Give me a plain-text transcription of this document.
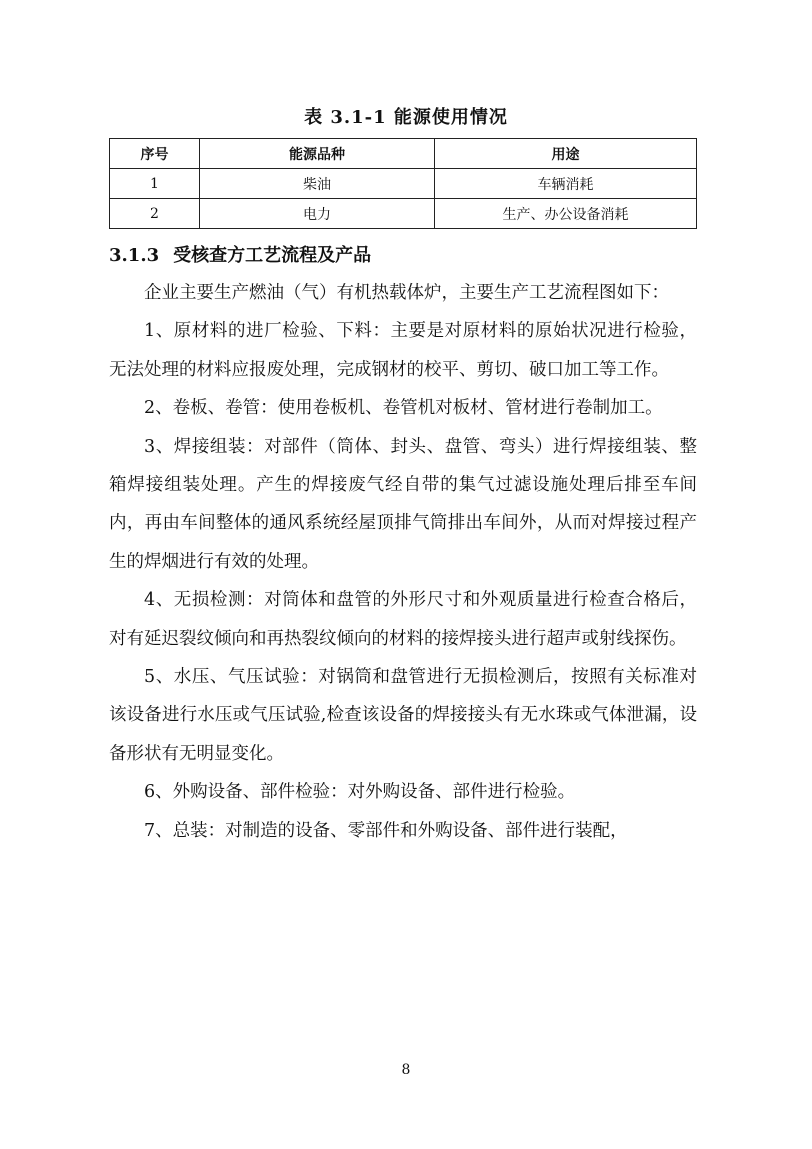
表 3.1-1 能源使用情况
序号	能源品种	用途
1	柴油	车辆消耗
2	电力	生产、办公设备消耗
3.1.3 受核查方工艺流程及产品

企业主要生产燃油（气）有机热载体炉，主要生产工艺流程图如下：

1、原材料的进厂检验、下料：主要是对原材料的原始状况进行检验，无法处理的材料应报废处理，完成钢材的校平、剪切、破口加工等工作。

2、卷板、卷管：使用卷板机、卷管机对板材、管材进行卷制加工。

3、焊接组装：对部件（筒体、封头、盘管、弯头）进行焊接组装、整箱焊接组装处理。产生的焊接废气经自带的集气过滤设施处理后排至车间内，再由车间整体的通风系统经屋顶排气筒排出车间外，从而对焊接过程产生的焊烟进行有效的处理。

4、无损检测：对筒体和盘管的外形尺寸和外观质量进行检查合格后，对有延迟裂纹倾向和再热裂纹倾向的材料的接焊接头进行超声或射线探伤。

5、水压、气压试验：对锅筒和盘管进行无损检测后，按照有关标准对该设备进行水压或气压试验,检查该设备的焊接接头有无水珠或气体泄漏，设备形状有无明显变化。

6、外购设备、部件检验：对外购设备、部件进行检验。

7、总装：对制造的设备、零部件和外购设备、部件进行装配，

8
